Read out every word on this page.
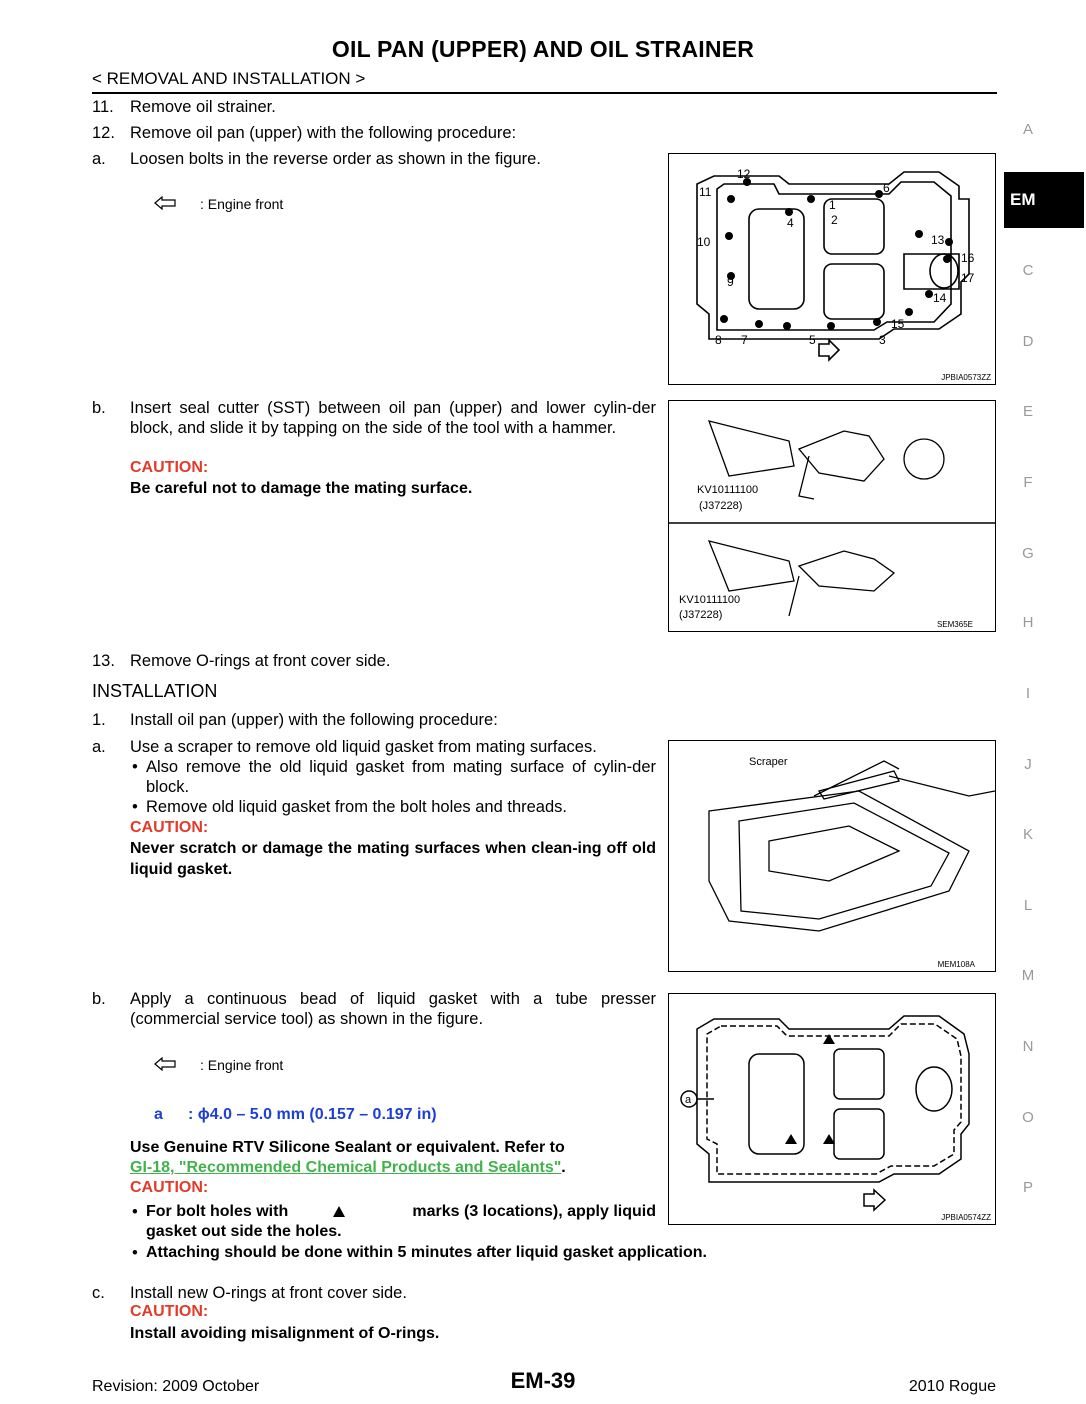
OIL PAN (UPPER) AND OIL STRAINER
< REMOVAL AND INSTALLATION >
11. Remove oil strainer.
12. Remove oil pan (upper) with the following procedure:
a. Loosen bolts in the reverse order as shown in the figure.
: Engine front	1
2
3
4
5
6
7
8
9
10
11
12
13
14
15
16
17
JPBIA0573ZZ
b. Insert seal cutter (SST) between oil pan (upper) and lower cylin-der block, and slide it by tapping on the side of the tool with a hammer.
CAUTION:
Be careful not to damage the mating surface.	KV10111100
(J37228)
KV10111100
(J37228)
SEM365E
13. Remove O-rings at front cover side.
INSTALLATION
1. Install oil pan (upper) with the following procedure:
a. Use a scraper to remove old liquid gasket from mating surfaces.
• Also remove the old liquid gasket from mating surface of cylin-der block.
• Remove old liquid gasket from the bolt holes and threads.
CAUTION:
Never scratch or damage the mating surfaces when clean-ing off old liquid gasket.
Scraper
MEM108A
b. Apply a continuous bead of liquid gasket with a tube presser (commercial service tool) as shown in the figure.
: Engine front
a : ϕ4.0 – 5.0 mm (0.157 – 0.197 in)
Use Genuine RTV Silicone Sealant or equivalent. Refer to
GI-18, "Recommended Chemical Products and Sealants".
CAUTION:
• For bolt holes with	marks (3 locations), apply liquid
gasket out side the holes.
• Attaching should be done within 5 minutes after liquid gasket application.
a
JPBIA0574ZZ
c. Install new O-rings at front cover side.
CAUTION:
Install avoiding misalignment of O-rings.
A
EM
C
D
E
F
G
H
I
J
K
L
M
N
O
P
Revision: 2009 October	EM-39	2010 Rogue
